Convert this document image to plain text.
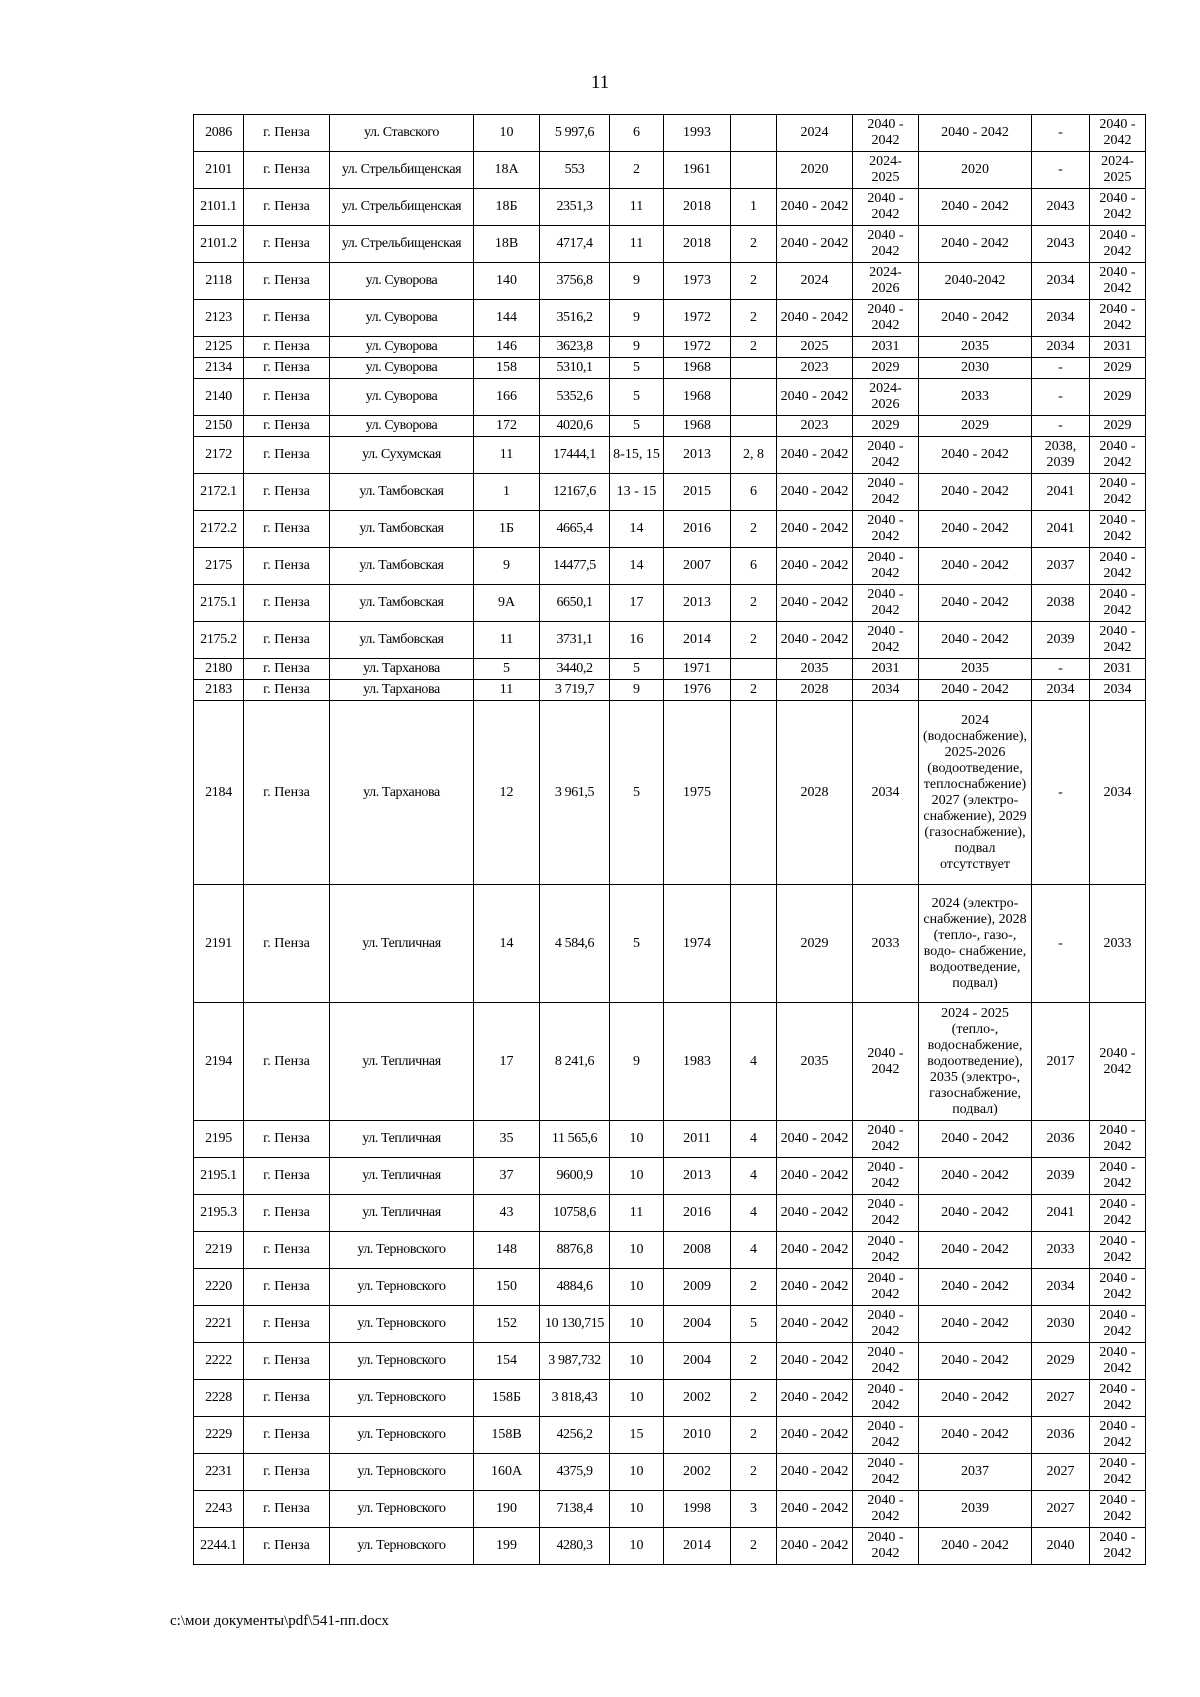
11
2086	г. Пенза	ул. Ставского	10	5 997,6	6	1993		2024	2040 - 2042	2040 - 2042	-	2040 - 2042
2101	г. Пенза	ул. Стрельбищенская	18А	553	2	1961		2020	2024- 2025	2020	-	2024- 2025
2101.1	г. Пенза	ул. Стрельбищенская	18Б	2351,3	11	2018	1	2040 - 2042	2040 - 2042	2040 - 2042	2043	2040 - 2042
2101.2	г. Пенза	ул. Стрельбищенская	18В	4717,4	11	2018	2	2040 - 2042	2040 - 2042	2040 - 2042	2043	2040 - 2042
2118	г. Пенза	ул. Суворова	140	3756,8	9	1973	2	2024	2024- 2026	2040-2042	2034	2040 - 2042
2123	г. Пенза	ул. Суворова	144	3516,2	9	1972	2	2040 - 2042	2040 - 2042	2040 - 2042	2034	2040 - 2042
2125	г. Пенза	ул. Суворова	146	3623,8	9	1972	2	2025	2031	2035	2034	2031
2134	г. Пенза	ул. Суворова	158	5310,1	5	1968		2023	2029	2030	-	2029
2140	г. Пенза	ул. Суворова	166	5352,6	5	1968		2040 - 2042	2024- 2026	2033	-	2029
2150	г. Пенза	ул. Суворова	172	4020,6	5	1968		2023	2029	2029	-	2029
2172	г. Пенза	ул. Сухумская	11	17444,1	8-15, 15	2013	2, 8	2040 - 2042	2040 - 2042	2040 - 2042	2038, 2039	2040 - 2042
2172.1	г. Пенза	ул. Тамбовская	1	12167,6	13 - 15	2015	6	2040 - 2042	2040 - 2042	2040 - 2042	2041	2040 - 2042
2172.2	г. Пенза	ул. Тамбовская	1Б	4665,4	14	2016	2	2040 - 2042	2040 - 2042	2040 - 2042	2041	2040 - 2042
2175	г. Пенза	ул. Тамбовская	9	14477,5	14	2007	6	2040 - 2042	2040 - 2042	2040 - 2042	2037	2040 - 2042
2175.1	г. Пенза	ул. Тамбовская	9А	6650,1	17	2013	2	2040 - 2042	2040 - 2042	2040 - 2042	2038	2040 - 2042
2175.2	г. Пенза	ул. Тамбовская	11	3731,1	16	2014	2	2040 - 2042	2040 - 2042	2040 - 2042	2039	2040 - 2042
2180	г. Пенза	ул. Тарханова	5	3440,2	5	1971		2035	2031	2035	-	2031
2183	г. Пенза	ул. Тарханова	11	3 719,7	9	1976	2	2028	2034	2040 - 2042	2034	2034
2184	г. Пенза	ул. Тарханова	12	3 961,5	5	1975		2028	2034	2024 (водоснабжение), 2025-2026 (водоотведение, теплоснабжение) 2027 (электро- снабжение), 2029 (газоснабжение), подвал отсутствует	-	2034
2191	г. Пенза	ул. Тепличная	14	4 584,6	5	1974		2029	2033	2024 (электро- снабжение), 2028 (тепло-, газо-, водо- снабжение, водоотведение, подвал)	-	2033
2194	г. Пенза	ул. Тепличная	17	8 241,6	9	1983	4	2035	2040 - 2042	2024 - 2025 (тепло-, водоснабжение, водоотведение), 2035 (электро-, газоснабжение, подвал)	2017	2040 - 2042
2195	г. Пенза	ул. Тепличная	35	11 565,6	10	2011	4	2040 - 2042	2040 - 2042	2040 - 2042	2036	2040 - 2042
2195.1	г. Пенза	ул. Тепличная	37	9600,9	10	2013	4	2040 - 2042	2040 - 2042	2040 - 2042	2039	2040 - 2042
2195.3	г. Пенза	ул. Тепличная	43	10758,6	11	2016	4	2040 - 2042	2040 - 2042	2040 - 2042	2041	2040 - 2042
2219	г. Пенза	ул. Терновского	148	8876,8	10	2008	4	2040 - 2042	2040 - 2042	2040 - 2042	2033	2040 - 2042
2220	г. Пенза	ул. Терновского	150	4884,6	10	2009	2	2040 - 2042	2040 - 2042	2040 - 2042	2034	2040 - 2042
2221	г. Пенза	ул. Терновского	152	10 130,715	10	2004	5	2040 - 2042	2040 - 2042	2040 - 2042	2030	2040 - 2042
2222	г. Пенза	ул. Терновского	154	3 987,732	10	2004	2	2040 - 2042	2040 - 2042	2040 - 2042	2029	2040 - 2042
2228	г. Пенза	ул. Терновского	158Б	3 818,43	10	2002	2	2040 - 2042	2040 - 2042	2040 - 2042	2027	2040 - 2042
2229	г. Пенза	ул. Терновского	158В	4256,2	15	2010	2	2040 - 2042	2040 - 2042	2040 - 2042	2036	2040 - 2042
2231	г. Пенза	ул. Терновского	160А	4375,9	10	2002	2	2040 - 2042	2040 - 2042	2037	2027	2040 - 2042
2243	г. Пенза	ул. Терновского	190	7138,4	10	1998	3	2040 - 2042	2040 - 2042	2039	2027	2040 - 2042
2244.1	г. Пенза	ул. Терновского	199	4280,3	10	2014	2	2040 - 2042	2040 - 2042	2040 - 2042	2040	2040 - 2042
c:\мои документы\pdf\541-пп.docx
